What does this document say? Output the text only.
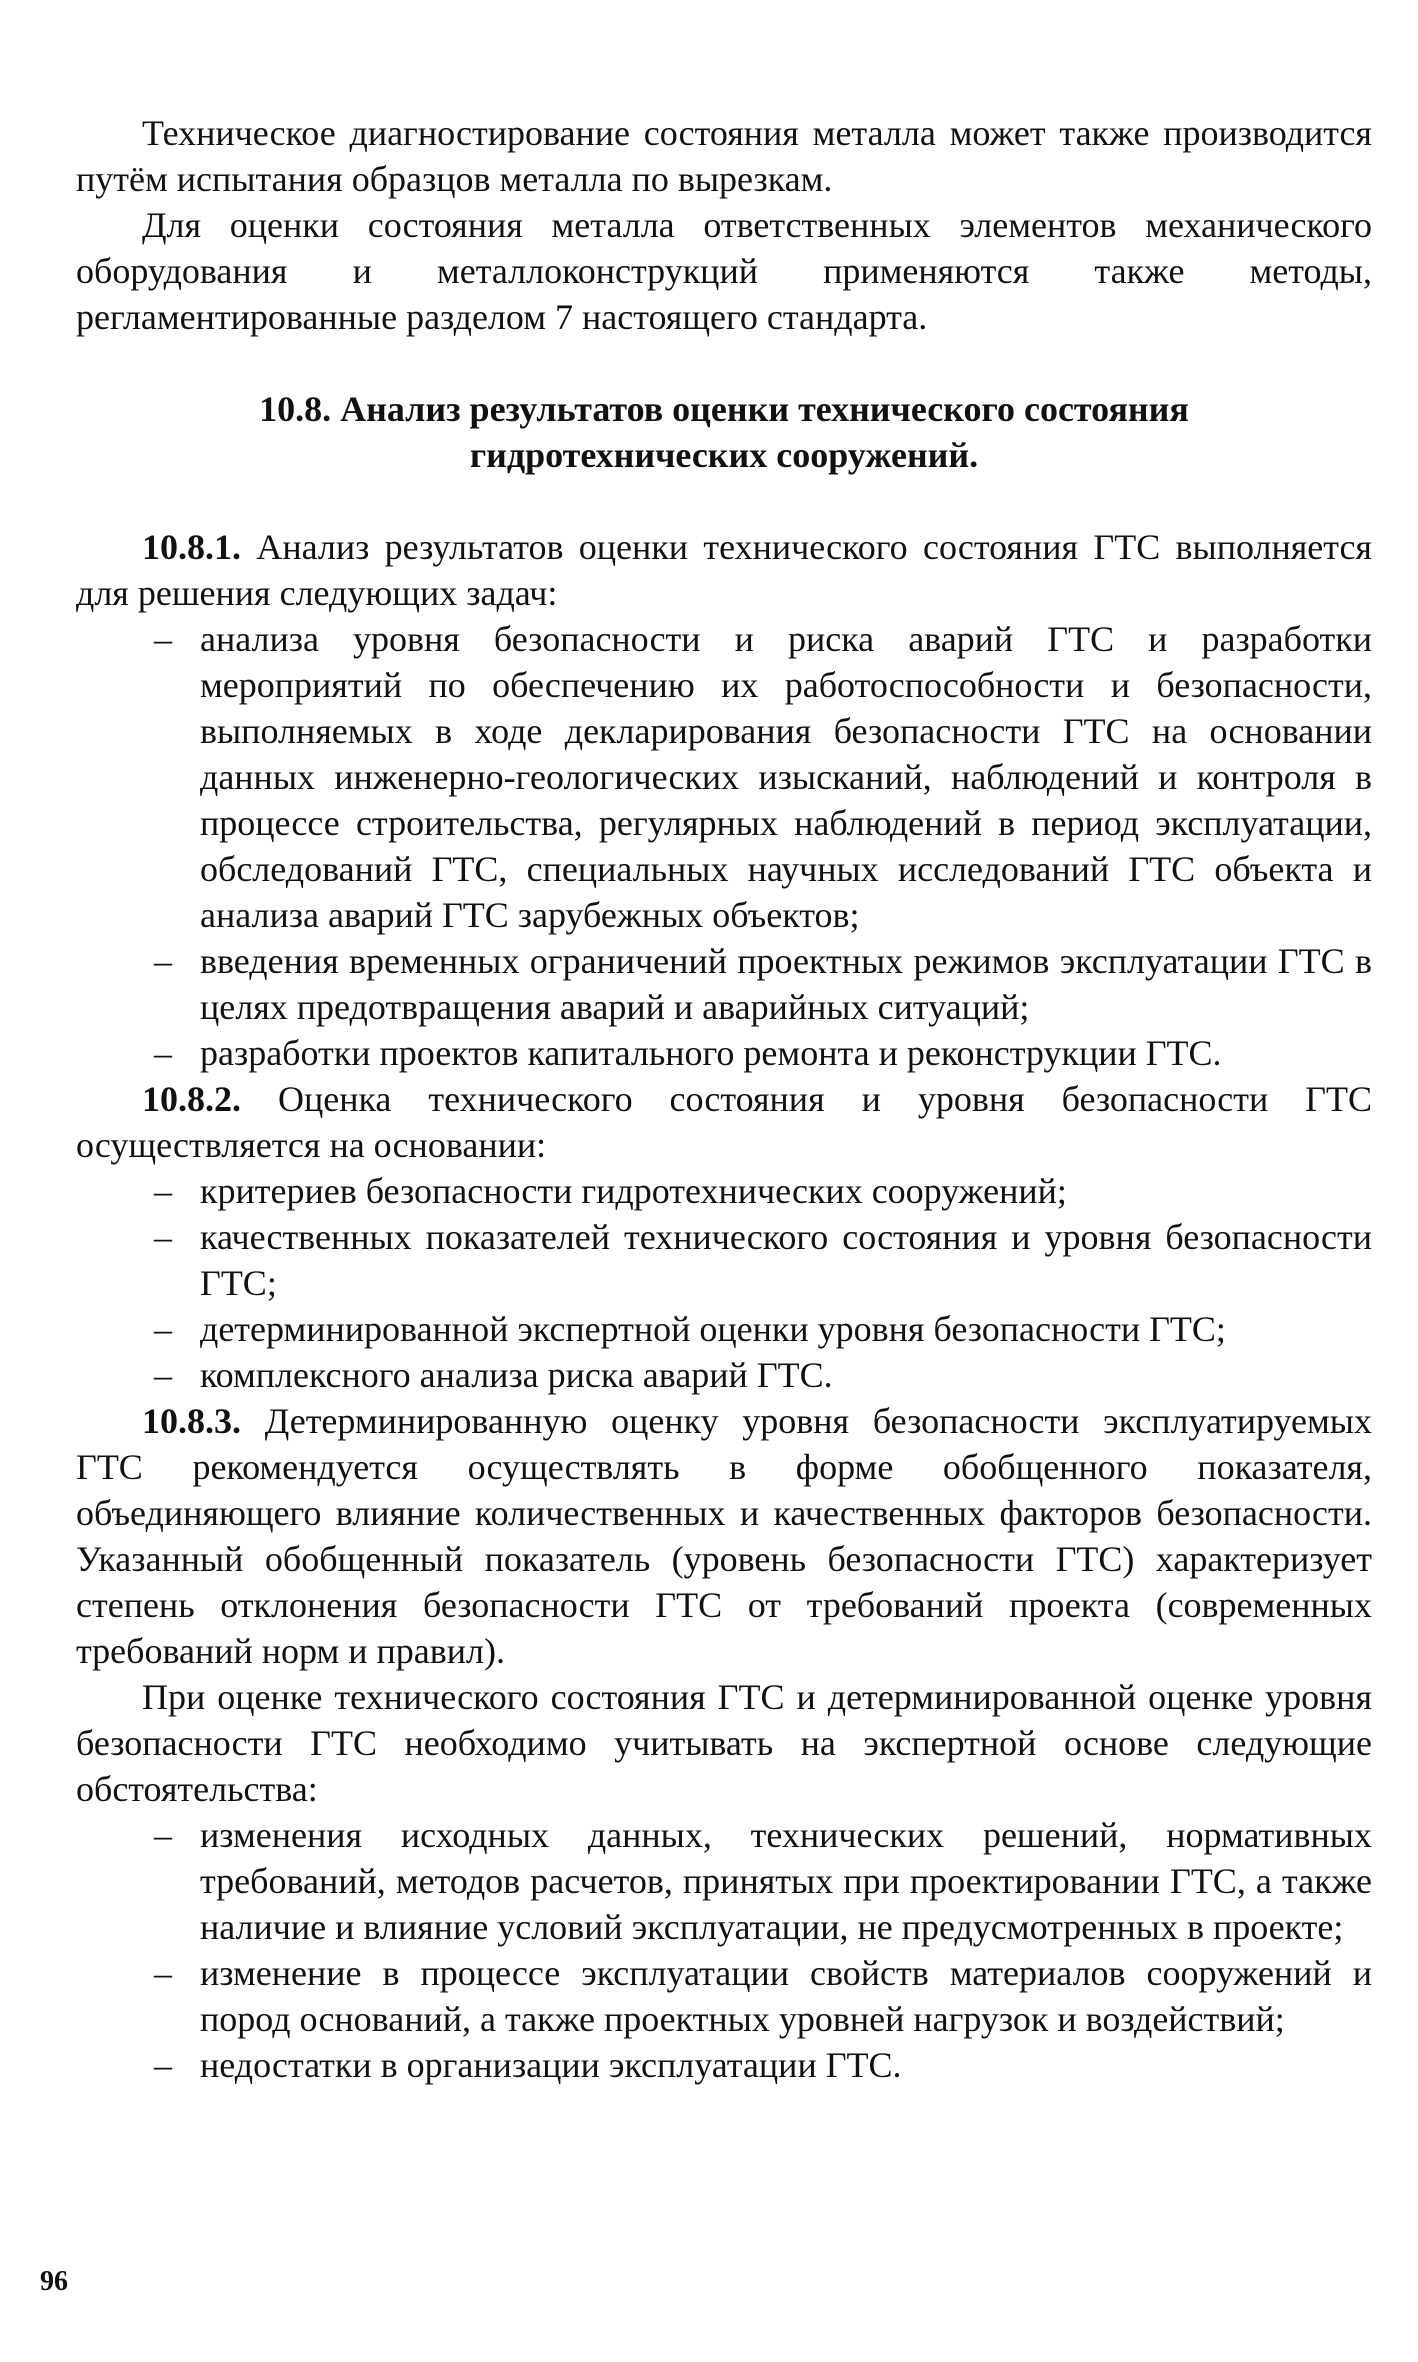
Техническое диагностирование состояния металла может также производится путём испытания образцов металла по вырезкам.

Для оценки состояния металла ответственных элементов механического оборудования и металлоконструкций применяются также методы, регламентированные разделом 7 настоящего стандарта.

10.8. Анализ результатов оценки технического состояния гидротехнических сооружений.

10.8.1. Анализ результатов оценки технического состояния ГТС выполняется для решения следующих задач:

– анализа уровня безопасности и риска аварий ГТС и разработки мероприятий по обеспечению их работоспособности и безопасности, выполняемых в ходе декларирования безопасности ГТС на основании данных инженерно-геологических изысканий, наблюдений и контроля в процессе строительства, регулярных наблюдений в период эксплуатации, обследований ГТС, специальных научных исследований ГТС объекта и анализа аварий ГТС зарубежных объектов;
– введения временных ограничений проектных режимов эксплуатации ГТС в целях предотвращения аварий и аварийных ситуаций;
– разработки проектов капитального ремонта и реконструкции ГТС.

10.8.2. Оценка технического состояния и уровня безопасности ГТС осуществляется на основании:

– критериев безопасности гидротехнических сооружений;
– качественных показателей технического состояния и уровня безопасности ГТС;
– детерминированной экспертной оценки уровня безопасности ГТС;
– комплексного анализа риска аварий ГТС.

10.8.3. Детерминированную оценку уровня безопасности эксплуатируемых ГТС рекомендуется осуществлять в форме обобщенного показателя, объединяющего влияние количественных и качественных факторов безопасности. Указанный обобщенный показатель (уровень безопасности ГТС) характеризует степень отклонения безопасности ГТС от требований проекта (современных требований норм и правил).

При оценке технического состояния ГТС и детерминированной оценке уровня безопасности ГТС необходимо учитывать на экспертной основе следующие обстоятельства:

– изменения исходных данных, технических решений, нормативных требований, методов расчетов, принятых при проектировании ГТС, а также наличие и влияние условий эксплуатации, не предусмотренных в проекте;
– изменение в процессе эксплуатации свойств материалов сооружений и пород оснований, а также проектных уровней нагрузок и воздействий;
– недостатки в организации эксплуатации ГТС.
96
